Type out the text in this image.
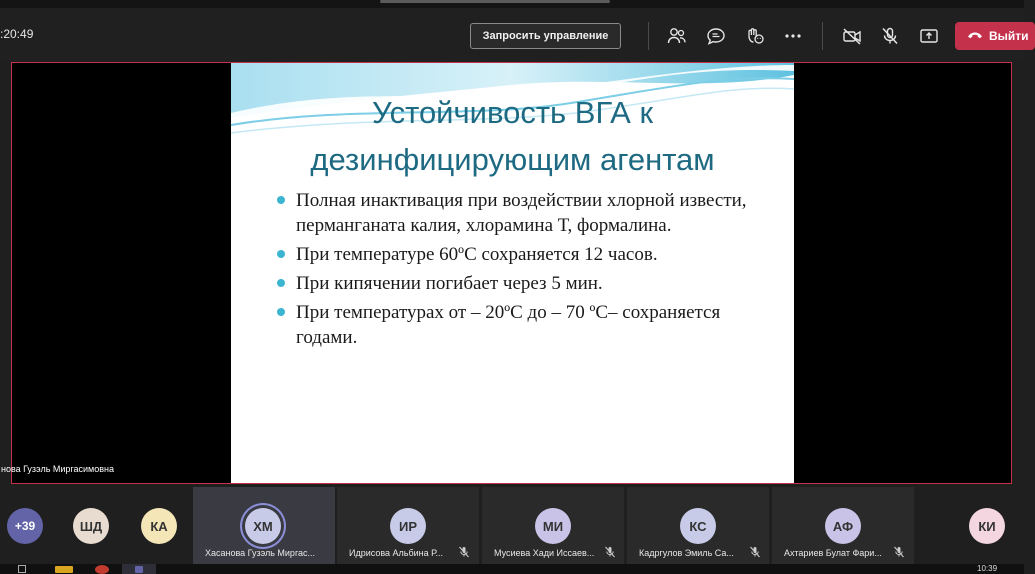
:20:49	Запросить управление	Выйти
нова Гузэль Миргасимовна
Устойчивость ВГА к
дезинфицирующим агентам
Полная инактивация при воздействии хлорной извести, перманганата калия, хлорамина Т, формалина.
При температуре 60ºС сохраняется 12 часов.
При кипячении погибает через 5 мин.
При температурах от – 20ºС до – 70 ºС– сохраняется годами.
+39	ШД	КА	ХМ
Хасанова Гузэль Миргас...
ИР
Идрисова Альбина Р...
МИ
Мусиева Хади Иссаев...
КС
Кадргулов Эмиль Са...
АФ
Ахтариев Булат Фари...
КИ
10:39
